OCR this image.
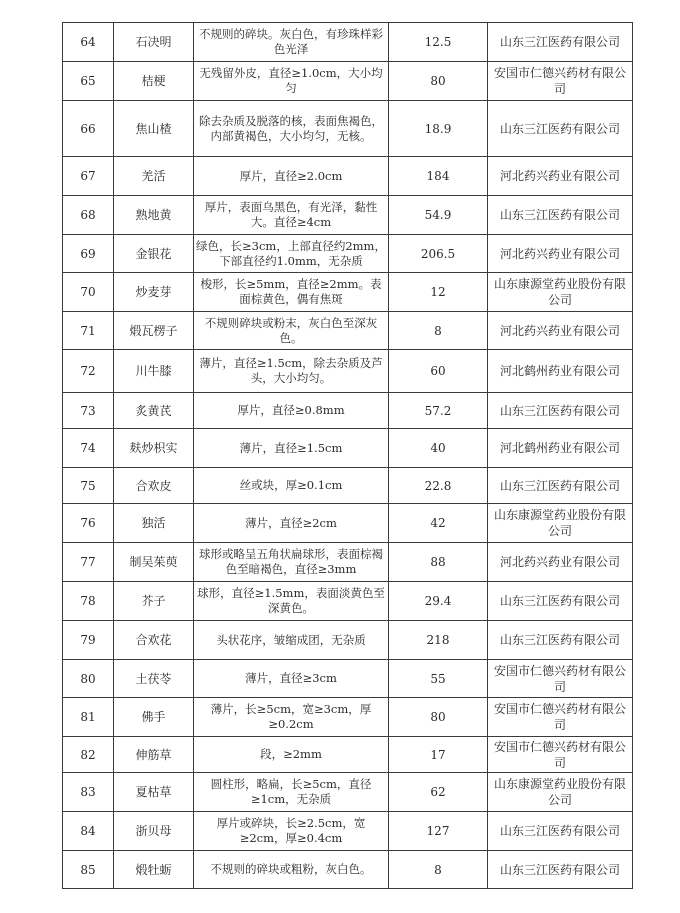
64	石决明	不规则的碎块。灰白色，有珍珠样彩色光泽	12.5	山东三江医药有限公司
65	桔梗	无残留外皮，直径≥1.0cm，大小均匀	80	安国市仁德兴药材有限公司
66	焦山楂	除去杂质及脱落的核，表面焦褐色，内部黄褐色，大小均匀，无核。	18.9	山东三江医药有限公司
67	羌活	厚片，直径≥2.0cm	184	河北药兴药业有限公司
68	熟地黄	厚片，表面乌黑色，有光泽，黏性大。直径≥4cm	54.9	山东三江医药有限公司
69	金银花	绿色，长≥3cm，上部直径约2mm，下部直径约1.0mm，无杂质	206.5	河北药兴药业有限公司
70	炒麦芽	梭形，长≥5mm，直径≥2mm。表面棕黄色，偶有焦斑	12	山东康源堂药业股份有限公司
71	煅瓦楞子	不规则碎块或粉末，灰白色至深灰色。	8	河北药兴药业有限公司
72	川牛膝	薄片，直径≥1.5cm，除去杂质及芦头，大小均匀。	60	河北鹤州药业有限公司
73	炙黄芪	厚片，直径≥0.8mm	57.2	山东三江医药有限公司
74	麸炒枳实	薄片，直径≥1.5cm	40	河北鹤州药业有限公司
75	合欢皮	丝或块，厚≥0.1cm	22.8	山东三江医药有限公司
76	独活	薄片，直径≥2cm	42	山东康源堂药业股份有限公司
77	制吴茱萸	球形或略呈五角状扁球形，表面棕褐色至暗褐色，直径≥3mm	88	河北药兴药业有限公司
78	芥子	球形，直径≥1.5mm，表面淡黄色至深黄色。	29.4	山东三江医药有限公司
79	合欢花	头状花序，皱缩成团，无杂质	218	山东三江医药有限公司
80	土茯苓	薄片，直径≥3cm	55	安国市仁德兴药材有限公司
81	佛手	薄片，长≥5cm，宽≥3cm，厚≥0.2cm	80	安国市仁德兴药材有限公司
82	伸筋草	段，≥2mm	17	安国市仁德兴药材有限公司
83	夏枯草	圆柱形，略扁，长≥5cm，直径≥1cm，无杂质	62	山东康源堂药业股份有限公司
84	浙贝母	厚片或碎块，长≥2.5cm，宽≥2cm，厚≥0.4cm	127	山东三江医药有限公司
85	煅牡蛎	不规则的碎块或粗粉，灰白色。	8	山东三江医药有限公司
